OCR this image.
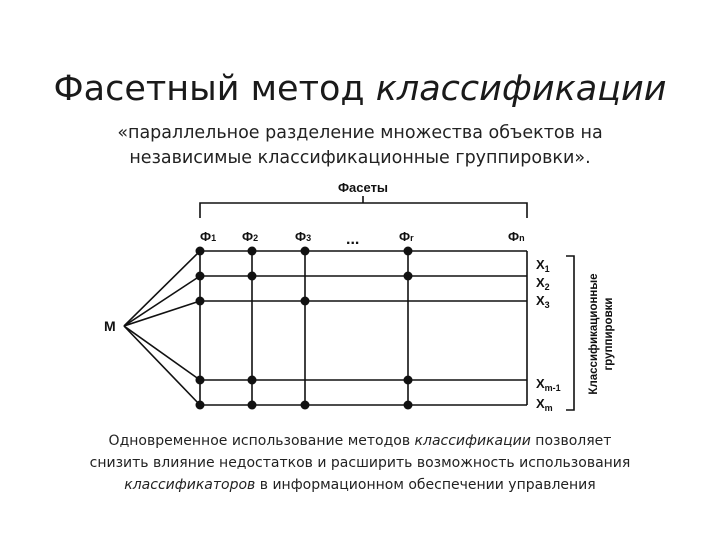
Фасетный метод классификации
«параллельное разделение множества объектов на независимые классификационные группировки».
Фасеты
Ф1 Ф2	Ф3 ...	Фr	Фn
M
$X_1$
$X_2$
$X_3$
$X_{m-1}$
$X_m$
Классификационные группировки
Одновременное использование методов классификации позволяет
снизить влияние недостатков и расширить возможность использования
классификаторов в информационном обеспечении управления
